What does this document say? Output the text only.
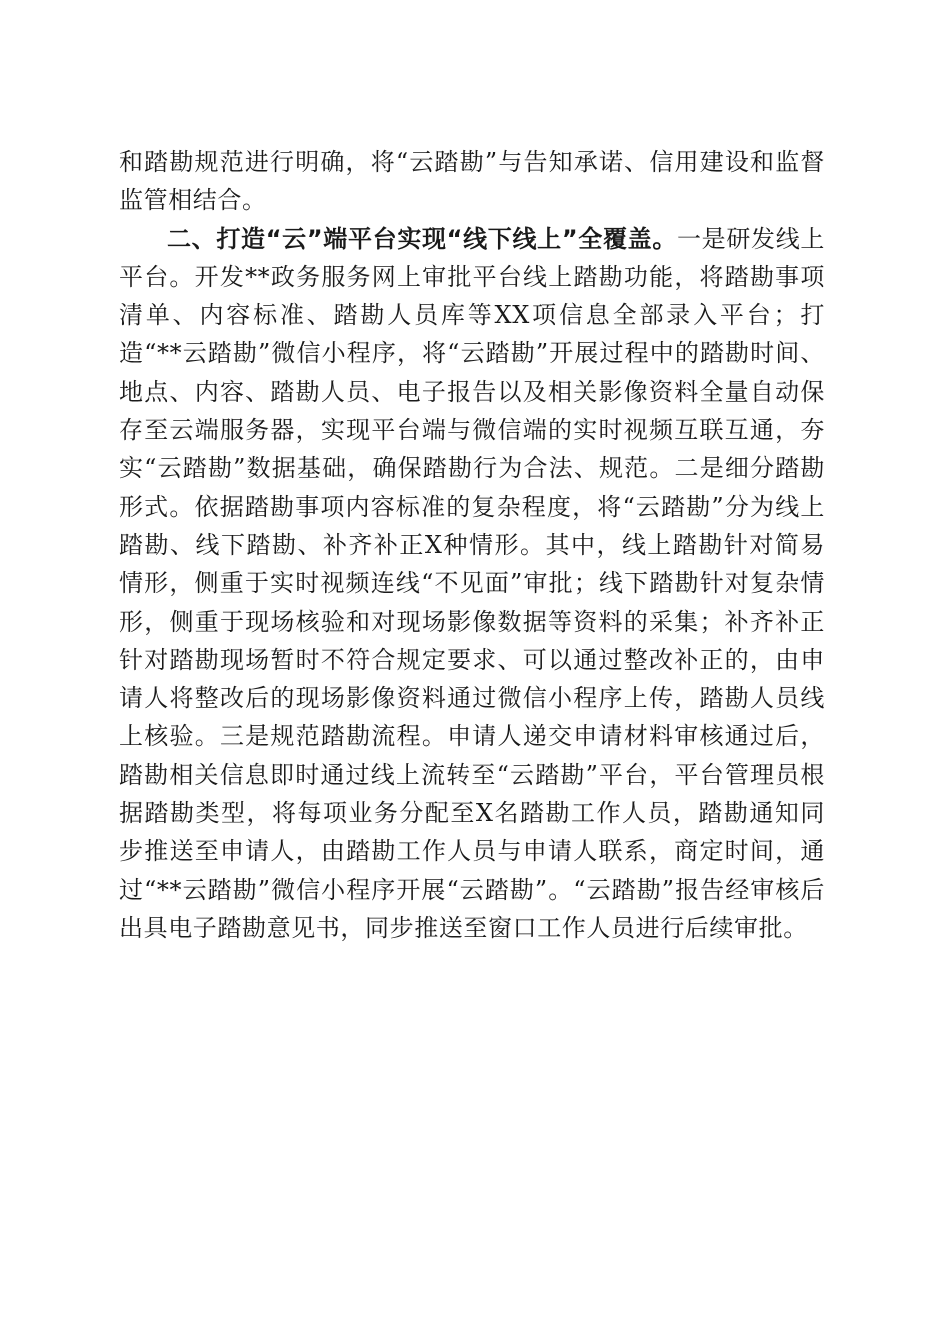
和踏勘规范进行明确，将“云踏勘”与告知承诺、信用建设和监督监管相结合。

二、打造“云”端平台实现“线下线上”全覆盖。一是研发线上平台。开发**政务服务网上审批平台线上踏勘功能，将踏勘事项清单、内容标准、踏勘人员库等XX项信息全部录入平台；打造“**云踏勘”微信小程序，将“云踏勘”开展过程中的踏勘时间、地点、内容、踏勘人员、电子报告以及相关影像资料全量自动保存至云端服务器，实现平台端与微信端的实时视频互联互通，夯实“云踏勘”数据基础，确保踏勘行为合法、规范。二是细分踏勘形式。依据踏勘事项内容标准的复杂程度，将“云踏勘”分为线上踏勘、线下踏勘、补齐补正X种情形。其中，线上踏勘针对简易情形，侧重于实时视频连线“不见面”审批；线下踏勘针对复杂情形，侧重于现场核验和对现场影像数据等资料的采集；补齐补正针对踏勘现场暂时不符合规定要求、可以通过整改补正的，由申请人将整改后的现场影像资料通过微信小程序上传，踏勘人员线上核验。三是规范踏勘流程。申请人递交申请材料审核通过后，踏勘相关信息即时通过线上流转至“云踏勘”平台，平台管理员根据踏勘类型，将每项业务分配至X名踏勘工作人员，踏勘通知同步推送至申请人，由踏勘工作人员与申请人联系，商定时间，通过“**云踏勘”微信小程序开展“云踏勘”。“云踏勘”报告经审核后出具电子踏勘意见书，同步推送至窗口工作人员进行后续审批。
